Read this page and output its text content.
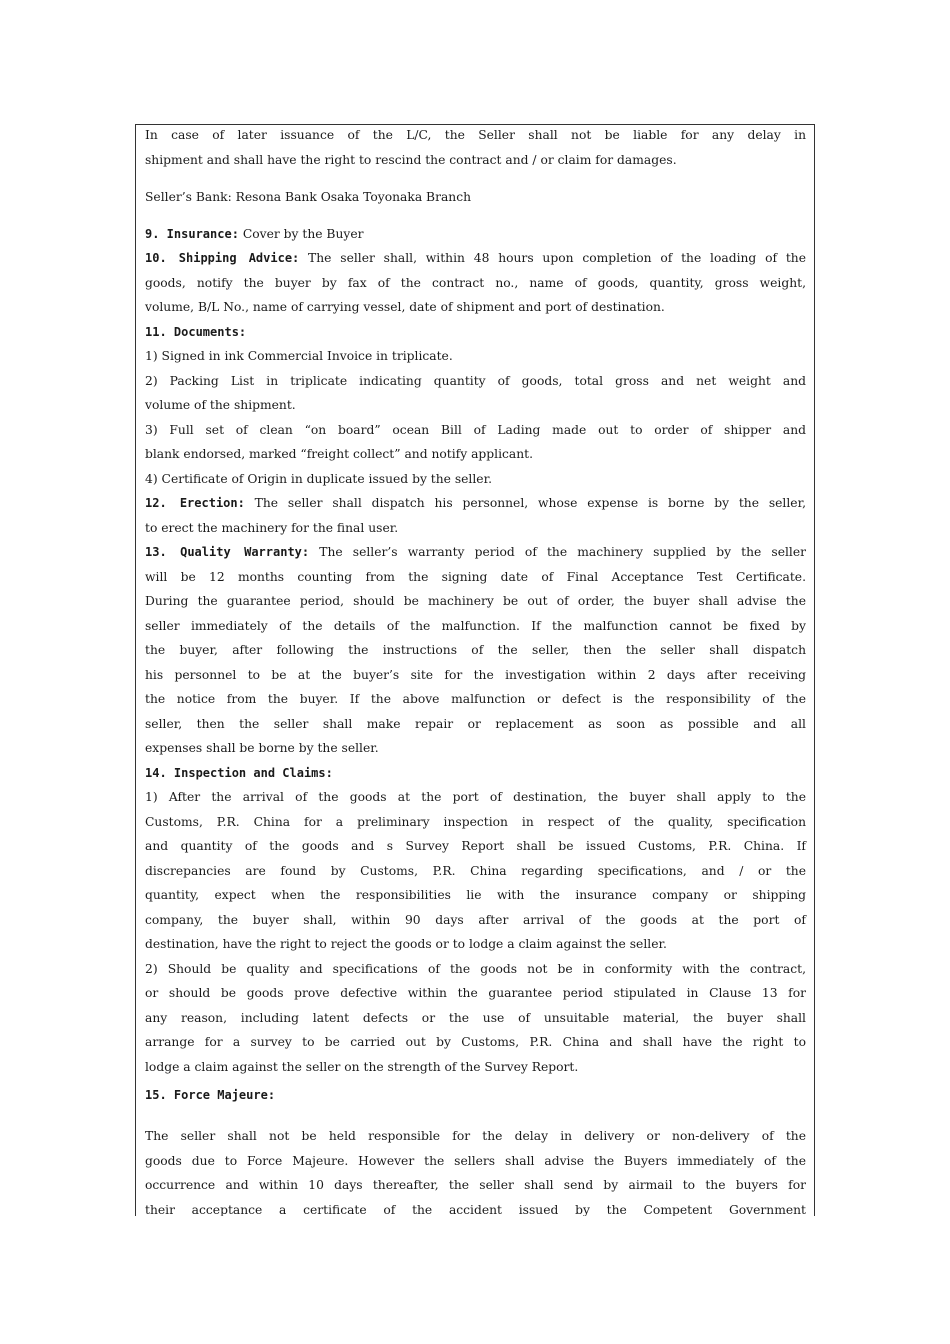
In case of later issuance of the L/C, the Seller shall not be liable for any delay in
shipment and shall have the right to rescind the contract and / or claim for damages.
Seller’s Bank: Resona Bank Osaka Toyonaka Branch
9. Insurance: Cover by the Buyer
10. Shipping Advice: The seller shall, within 48 hours upon completion of the loading of the
goods, notify the buyer by fax of the contract no., name of goods, quantity, gross weight,
volume, B/L No., name of carrying vessel, date of shipment and port of destination.
11. Documents:
1) Signed in ink Commercial Invoice in triplicate.
2) Packing List in triplicate indicating quantity of goods, total gross and net weight and
volume of the shipment.
3) Full set of clean “on board” ocean Bill of Lading made out to order of shipper and
blank endorsed, marked “freight collect” and notify applicant.
4) Certificate of Origin in duplicate issued by the seller.
12. Erection: The seller shall dispatch his personnel, whose expense is borne by the seller,
to erect the machinery for the final user.
13. Quality Warranty: The seller’s warranty period of the machinery supplied by the seller
will be 12 months counting from the signing date of Final Acceptance Test Certificate.
During the guarantee period, should be machinery be out of order, the buyer shall advise the
seller immediately of the details of the malfunction. If the malfunction cannot be fixed by
the buyer, after following the instructions of the seller, then the seller shall dispatch
his personnel to be at the buyer’s site for the investigation within 2 days after receiving
the notice from the buyer. If the above malfunction or defect is the responsibility of the
seller, then the seller shall make repair or replacement as soon as possible and all
expenses shall be borne by the seller.
14. Inspection and Claims:
1) After the arrival of the goods at the port of destination, the buyer shall apply to the
Customs, P.R. China for a preliminary inspection in respect of the quality, specification
and quantity of the goods and s Survey Report shall be issued Customs, P.R. China. If
discrepancies are found by Customs, P.R. China regarding specifications, and / or the
quantity, expect when the responsibilities lie with the insurance company or shipping
company, the buyer shall, within 90 days after arrival of the goods at the port of
destination, have the right to reject the goods or to lodge a claim against the seller.
2) Should be quality and specifications of the goods not be in conformity with the contract,
or should be goods prove defective within the guarantee period stipulated in Clause 13 for
any reason, including latent defects or the use of unsuitable material, the buyer shall
arrange for a survey to be carried out by Customs, P.R. China and shall have the right to
lodge a claim against the seller on the strength of the Survey Report.
15. Force Majeure:
The seller shall not be held responsible for the delay in delivery or non-delivery of the
goods due to Force Majeure. However the sellers shall advise the Buyers immediately of the
occurrence and within 10 days thereafter, the seller shall send by airmail to the buyers for
their acceptance a certificate of the accident issued by the Competent Government
